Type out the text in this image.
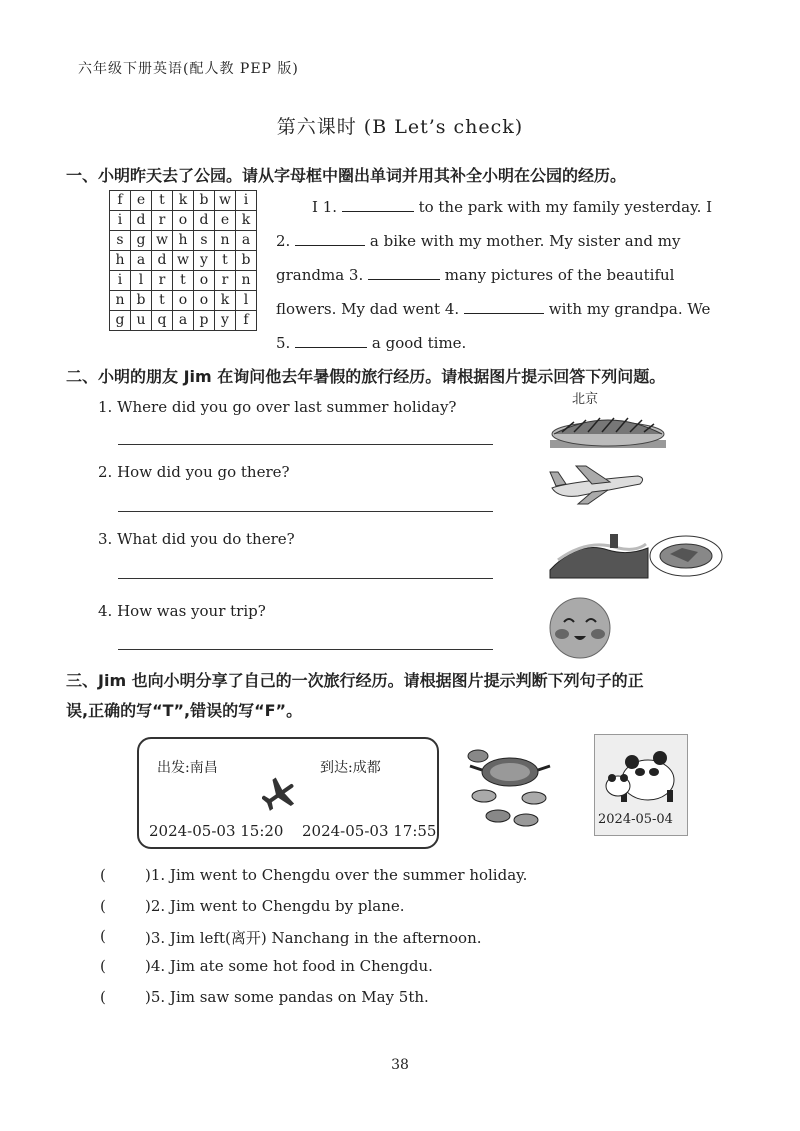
六年级下册英语(配人教 PEP 版)
第六课时 (B Let’s check)
一、小明昨天去了公园。请从字母框中圈出单词并用其补全小明在公园的经历。
f	e	t	k	b	w	i
i	d	r	o	d	e	k
s	g	w	h	s	n	a
h	a	d	w	y	t	b
i	l	r	t	o	r	n
n	b	t	o	o	k	l
g	u	q	a	p	y	f
I 1.	to the park with my family yesterday. I
2.	a bike with my mother. My sister and my
grandma 3.	many pictures of the beautiful
flowers. My dad went 4.	with my grandpa. We
5.	a good time.
二、小明的朋友 Jim 在询问他去年暑假的旅行经历。请根据图片提示回答下列问题。
1. Where did you go over last summer holiday?
2. How did you go there?
3. What did you do there?
4. How was your trip?
北京
三、Jim 也向小明分享了自己的一次旅行经历。请根据图片提示判断下列句子的正
误,正确的写“T”,错误的写“F”。
出发:南昌	到达:成都
2024-05-03 15:20 2024-05-03 17:55
2024-05-04
(	)1. Jim went to Chengdu over the summer holiday.
(	)2. Jim went to Chengdu by plane.
(	)3. Jim left(离开) Nanchang in the afternoon.
(	)4. Jim ate some hot food in Chengdu.
(	)5. Jim saw some pandas on May 5th.
38
